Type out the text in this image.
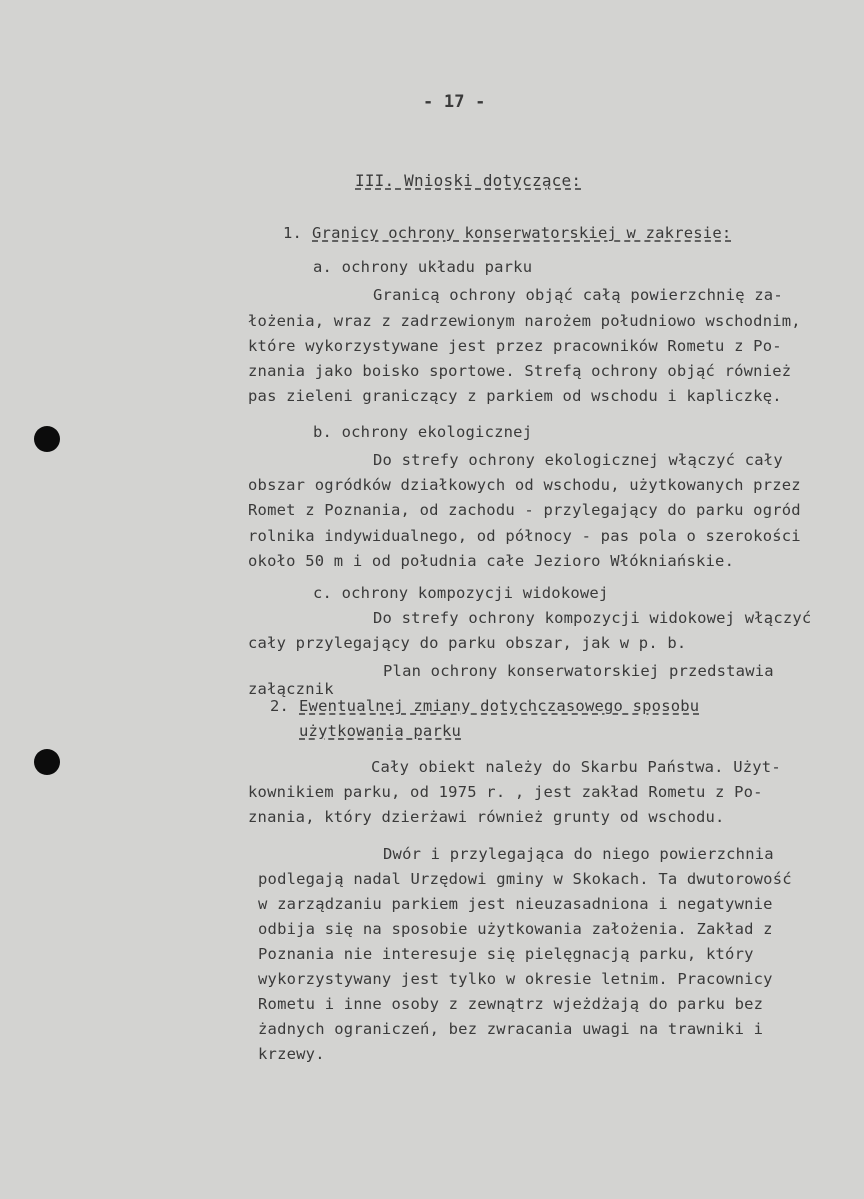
- 17 -
III. Wnioski dotyczące:
1. Granicy ochrony konserwatorskiej w zakresie:
a. ochrony układu parku
Granicą ochrony objąć całą powierzchnię za-
łożenia, wraz z zadrzewionym narożem południowo wschodnim,
które wykorzystywane jest przez pracowników Rometu z Po-
znania jako boisko sportowe. Strefą ochrony objąć również
pas zieleni graniczący z parkiem od wschodu i kapliczkę.
b. ochrony ekologicznej
Do strefy ochrony ekologicznej włączyć cały
obszar ogródków działkowych od wschodu, użytkowanych przez
Romet z Poznania, od zachodu - przylegający do parku ogród
rolnika indywidualnego, od północy - pas pola o szerokości
około 50 m i od południa całe Jezioro Włókniańskie.
c. ochrony kompozycji widokowej
Do strefy ochrony kompozycji widokowej włączyć
cały przylegający do parku obszar, jak w p. b.
Plan ochrony konserwatorskiej przedstawia
załącznik
2. Ewentualnej zmiany dotychczasowego sposobu
użytkowania parku
Cały obiekt należy do Skarbu Państwa. Użyt-
kownikiem parku, od 1975 r. , jest zakład Rometu z Po-
znania, który dzierżawi również grunty od wschodu.
Dwór i przylegająca do niego powierzchnia
podlegają nadal Urzędowi gminy w Skokach. Ta dwutorowość
w zarządzaniu parkiem jest nieuzasadniona i negatywnie
odbija się na sposobie użytkowania założenia. Zakład z
Poznania nie interesuje się pielęgnacją parku, który
wykorzystywany jest tylko w okresie letnim. Pracownicy
Rometu i inne osoby z zewnątrz wjeżdżają do parku bez
żadnych ograniczeń, bez zwracania uwagi na trawniki i
krzewy.
